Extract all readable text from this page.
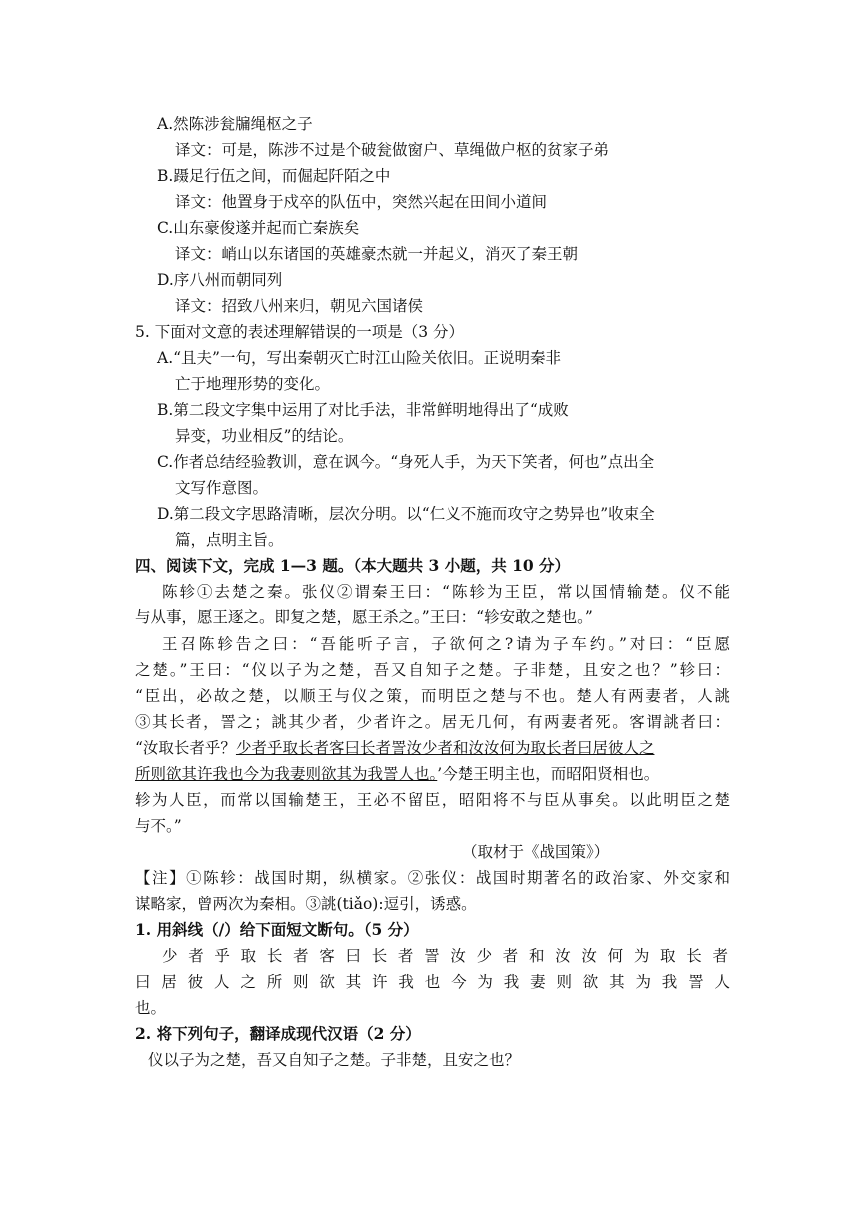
A.然陈涉瓮牖绳枢之子
译文：可是，陈涉不过是个破瓮做窗户、草绳做户枢的贫家子弟
B.蹑足行伍之间，而倔起阡陌之中
译文：他置身于戍卒的队伍中，突然兴起在田间小道间
C.山东豪俊遂并起而亡秦族矣
译文：峭山以东诸国的英雄豪杰就一并起义，消灭了秦王朝
D.序八州而朝同列
译文：招致八州来归，朝见六国诸侯
5. 下面对文意的表述理解错误的一项是（3 分）
A.“且夫”一句，写出秦朝灭亡时江山险关依旧。正说明秦非
亡于地理形势的变化。
B.第二段文字集中运用了对比手法，非常鲜明地得出了“成败
异变，功业相反”的结论。
C.作者总结经验教训，意在讽今。“身死人手，为天下笑者，何也”点出全
文写作意图。
D.第二段文字思路清晰，层次分明。以“仁义不施而攻守之势异也”收束全
篇，点明主旨。
四、阅读下文，完成 1—3 题。（本大题共 3 小题，共 10 分）
陈轸①去楚之秦。张仪②谓秦王曰：“陈轸为王臣，常以国情输楚。仪不能
与从事，愿王逐之。即复之楚，愿王杀之。”王曰：“轸安敢之楚也。”
王召陈轸告之曰：“吾能听子言，子欲何之?请为子车约。”对曰：“臣愿
之楚。”王曰：“仪以子为之楚，吾又自知子之楚。子非楚，且安之也？”轸曰：
“臣出，必故之楚，以顺王与仪之策，而明臣之楚与不也。楚人有两妻者，人誂
③其长者，詈之；誂其少者，少者许之。居无几何，有两妻者死。客谓誂者曰：
“汝取长者乎？少者乎取长者客曰长者詈汝少者和汝汝何为取长者曰居彼人之
所则欲其许我也今为我妻则欲其为我詈人也。’今楚王明主也，而昭阳贤相也。
轸为人臣，而常以国输楚王，王必不留臣，昭阳将不与臣从事矣。以此明臣之楚
与不。”
（取材于《战国策》）
【注】①陈轸：战国时期，纵横家。②张仪：战国时期著名的政治家、外交家和
谋略家，曾两次为秦相。③誂(tiǎo):逗引，诱惑。
1. 用斜线（/）给下面短文断句。（5 分）
少者乎取长者客曰长者詈汝少者和汝汝何为取长者
曰居彼人之所则欲其许我也今为我妻则欲其为我詈人
也。
2. 将下列句子，翻译成现代汉语（2 分）
仪以子为之楚，吾又自知子之楚。子非楚，且安之也？
